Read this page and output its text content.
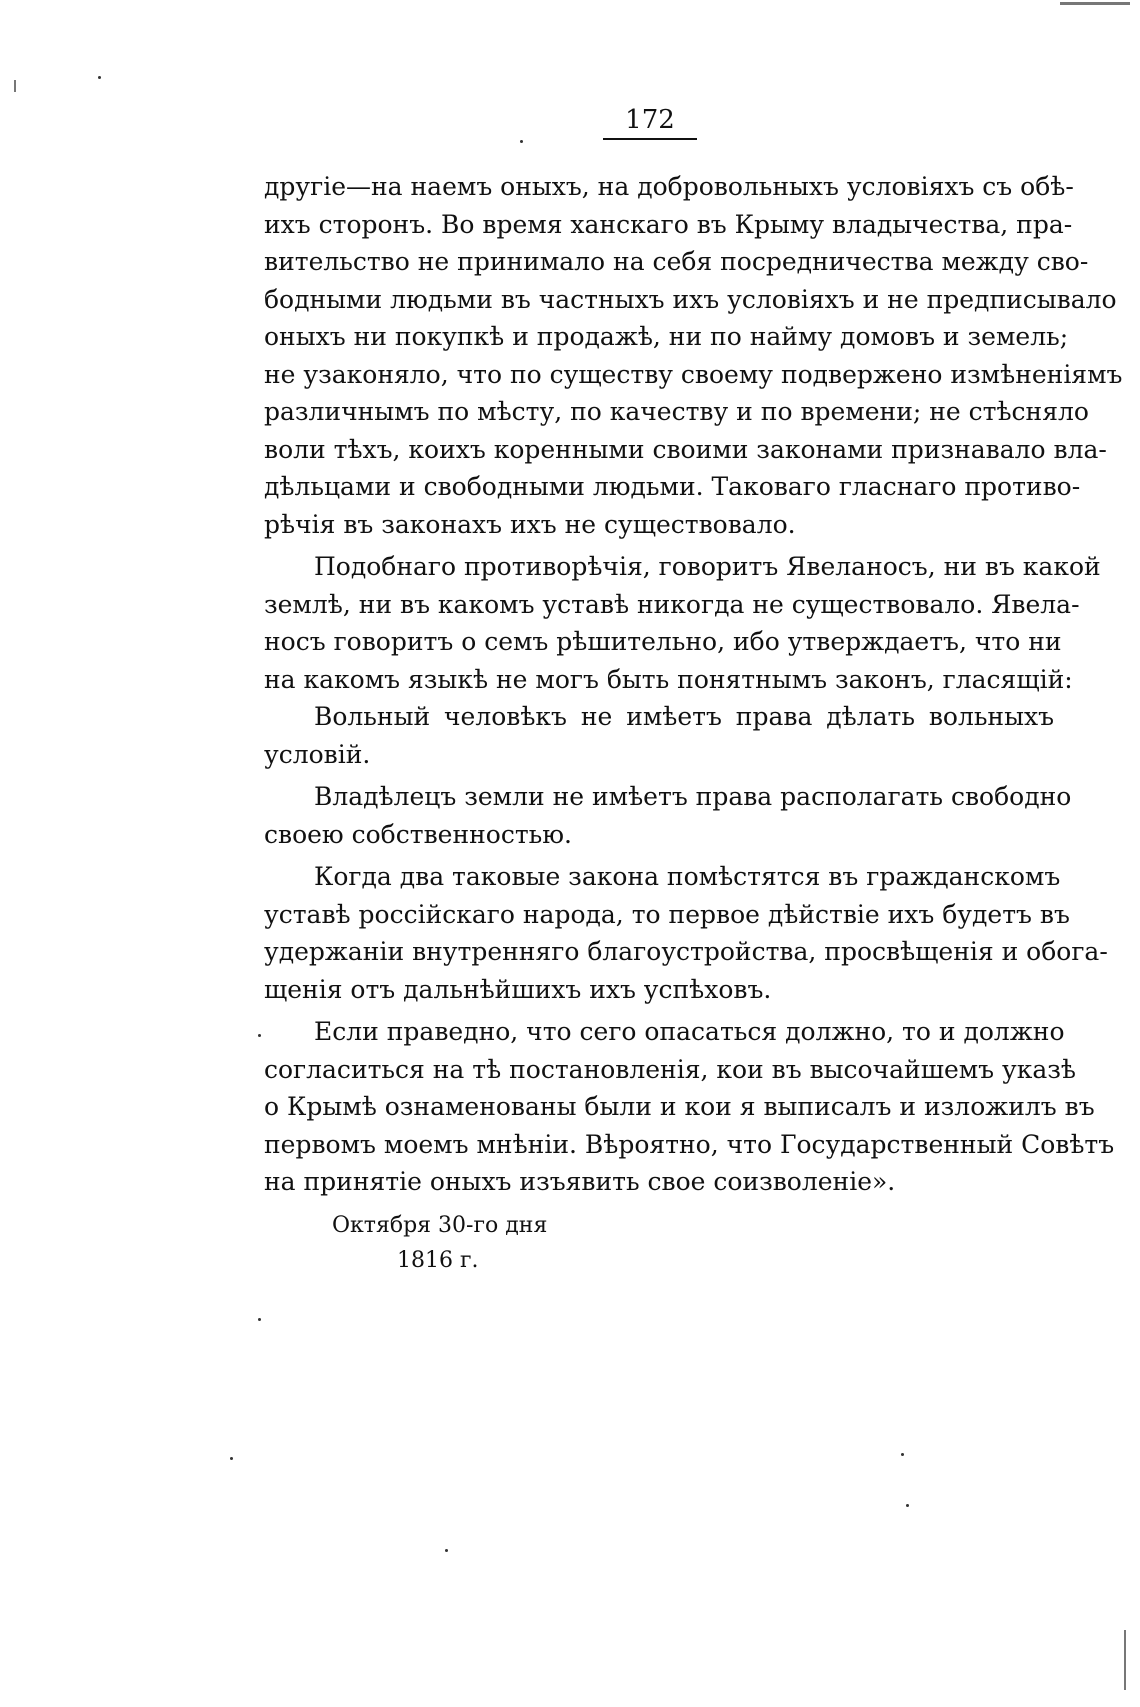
172
другіе—на наемъ оныхъ, на добровольныхъ условіяхъ съ обѣ-
ихъ сторонъ. Во время ханскаго въ Крыму владычества, пра-
вительство не принимало на себя посредничества между сво-
бодными людьми въ частныхъ ихъ условіяхъ и не предписывало
оныхъ ни покупкѣ и продажѣ, ни по найму домовъ и земель;
не узаконяло, что по существу своему подвержено измѣненіямъ
различнымъ по мѣсту, по качеству и по времени; не стѣсняло
воли тѣхъ, коихъ коренными своими законами признавало вла-
дѣльцами и свободными людьми. Таковаго гласнаго противо-
рѣчія въ законахъ ихъ не существовало.
Подобнаго противорѣчія, говоритъ Явеланосъ, ни въ какой
землѣ, ни въ какомъ уставѣ никогда не существовало. Явела-
носъ говоритъ о семъ рѣшительно, ибо утверждаетъ, что ни
на какомъ языкѣ не могъ быть понятнымъ законъ, гласящій:
Вольный человѣкъ не имѣетъ права дѣлать вольныхъ
условій.
Владѣлецъ земли не имѣетъ права располагать свободно
своею собственностью.
Когда два таковые закона помѣстятся въ гражданскомъ
уставѣ россійскаго народа, то первое дѣйствіе ихъ будетъ въ
удержаніи внутренняго благоустройства, просвѣщенія и обога-
щенія отъ дальнѣйшихъ ихъ успѣховъ.
Если праведно, что сего опасаться должно, то и должно
согласиться на тѣ постановленія, кои въ высочайшемъ указѣ
о Крымѣ ознаменованы были и кои я выписалъ и изложилъ въ
первомъ моемъ мнѣніи. Вѣроятно, что Государственный Совѣтъ
на принятіе оныхъ изъявить свое соизволеніе».
Октября 30-го дня
1816 г.
